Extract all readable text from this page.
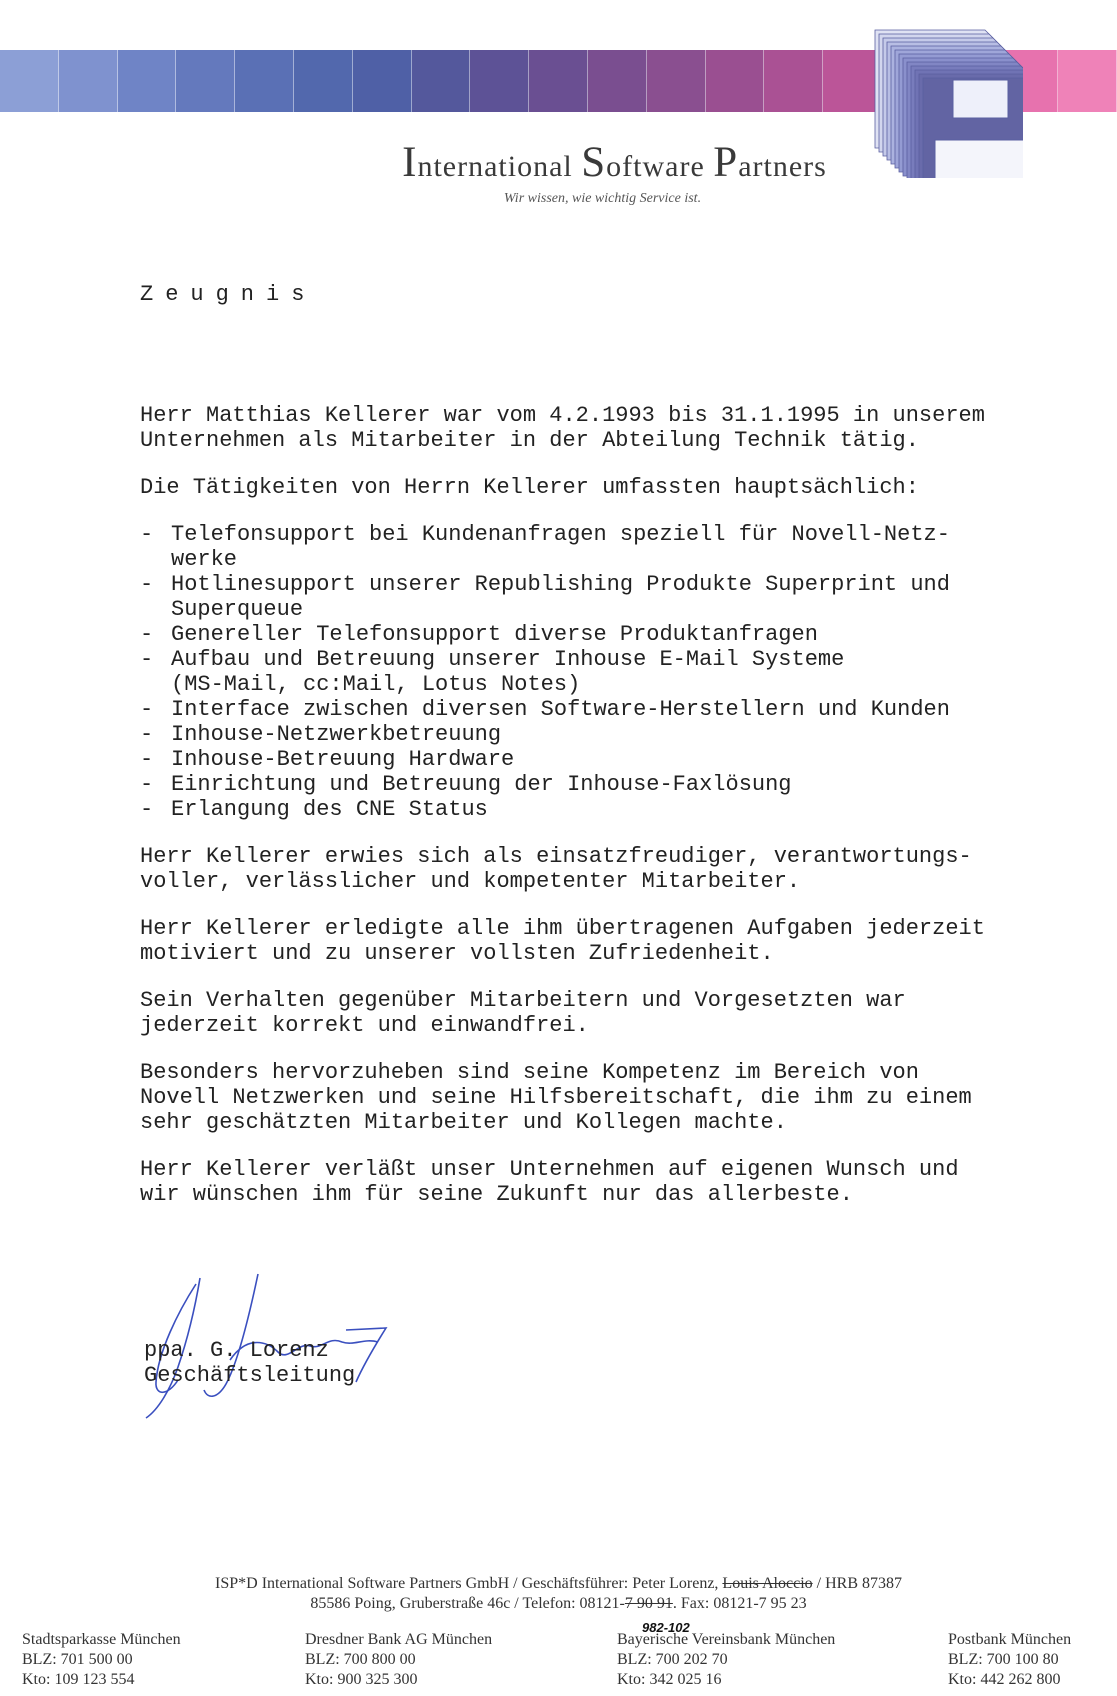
International Software Partners
Wir wissen, wie wichtig Service ist.
Zeugnis

Herr Matthias Kellerer war vom 4.2.1993 bis 31.1.1995 in unserem
Unternehmen als Mitarbeiter in der Abteilung Technik tätig.

Die Tätigkeiten von Herrn Kellerer umfassten hauptsächlich:

- Telefonsupport bei Kundenanfragen speziell für Novell-Netz-
werke
- Hotlinesupport unserer Republishing Produkte Superprint und
Superqueue
- Genereller Telefonsupport diverse Produktanfragen
- Aufbau und Betreuung unserer Inhouse E-Mail Systeme
(MS-Mail, cc:Mail, Lotus Notes)
- Interface zwischen diversen Software-Herstellern und Kunden
- Inhouse-Netzwerkbetreuung
- Inhouse-Betreuung Hardware
- Einrichtung und Betreuung der Inhouse-Faxlösung
- Erlangung des CNE Status

Herr Kellerer erwies sich als einsatzfreudiger, verantwortungs-
voller, verlässlicher und kompetenter Mitarbeiter.

Herr Kellerer erledigte alle ihm übertragenen Aufgaben jederzeit
motiviert und zu unserer vollsten Zufriedenheit.

Sein Verhalten gegenüber Mitarbeitern und Vorgesetzten war
jederzeit korrekt und einwandfrei.

Besonders hervorzuheben sind seine Kompetenz im Bereich von
Novell Netzwerken und seine Hilfsbereitschaft, die ihm zu einem
sehr geschätzten Mitarbeiter und Kollegen machte.

Herr Kellerer verläßt unser Unternehmen auf eigenen Wunsch und
wir wünschen ihm für seine Zukunft nur das allerbeste.

ppa. G. Lorenz
Geschäftsleitung
ISP*D International Software Partners GmbH / Geschäftsführer: Peter Lorenz, Louis Aloccio / HRB 87387
85586 Poing, Gruberstraße 46c / Telefon: 08121-7 90 91. Fax: 08121-7 95 23
982-102
Stadtsparkasse München
BLZ: 701 500 00
Kto: 109 123 554
Dresdner Bank AG München
BLZ: 700 800 00
Kto: 900 325 300
Bayerische Vereinsbank München
BLZ: 700 202 70
Kto: 342 025 16
Postbank München
BLZ: 700 100 80
Kto: 442 262 800
